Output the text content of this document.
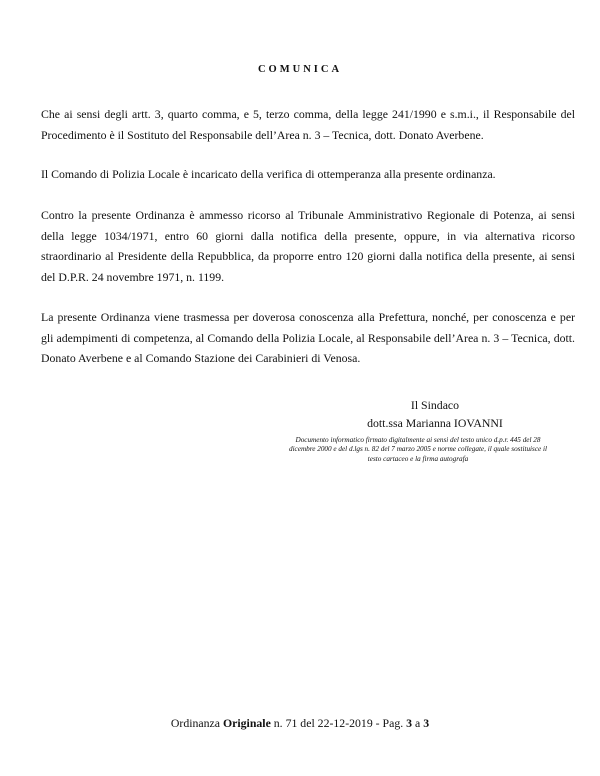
COMUNICA

Che ai sensi degli artt. 3, quarto comma, e 5, terzo comma, della legge 241/1990 e s.m.i., il Responsabile del Procedimento è il Sostituto del Responsabile dell’Area n. 3 – Tecnica, dott. Donato Averbene.

Il Comando di Polizia Locale è incaricato della verifica di ottemperanza alla presente ordinanza.

Contro la presente Ordinanza è ammesso ricorso al Tribunale Amministrativo Regionale di Potenza, ai sensi della legge 1034/1971, entro 60 giorni dalla notifica della presente, oppure, in via alternativa ricorso straordinario al Presidente della Repubblica, da proporre entro 120 giorni dalla notifica della presente, ai sensi del D.P.R. 24 novembre 1971, n. 1199.

La presente Ordinanza viene trasmessa per doverosa conoscenza alla Prefettura, nonché, per conoscenza e per gli adempimenti di competenza, al Comando della Polizia Locale, al Responsabile dell’Area n. 3 – Tecnica, dott. Donato Averbene e al Comando Stazione dei Carabinieri di Venosa.

Il Sindaco
dott.ssa Marianna IOVANNI
Documento informatico firmato digitalmente ai sensi del testo unico d.p.r. 445 del 28 dicembre 2000 e del d.lgs n. 82 del 7 marzo 2005 e norme collegate, il quale sostituisce il testo cartaceo e la firma autografa
Ordinanza Originale n. 71 del 22-12-2019 - Pag. 3 a 3
